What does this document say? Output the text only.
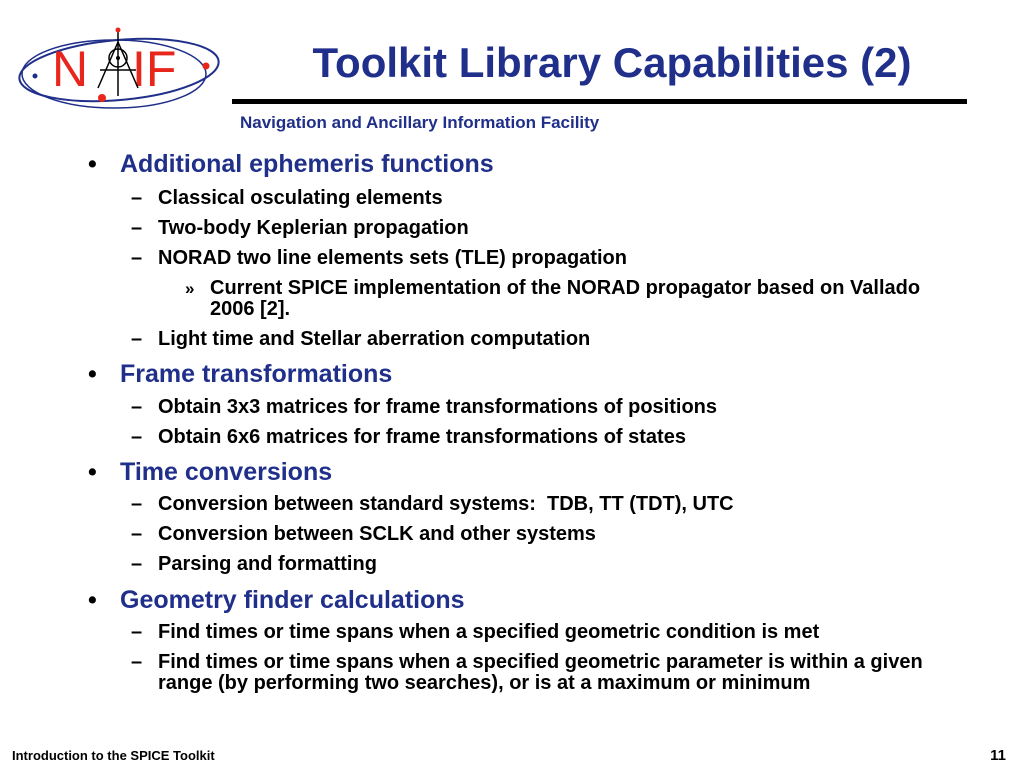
N IF	Toolkit Library Capabilities (2)
Navigation and Ancillary Information Facility
• Additional ephemeris functions
– Classical osculating elements
– Two-body Keplerian propagation
– NORAD two line elements sets (TLE) propagation
» Current SPICE implementation of the NORAD propagator based on Vallado 2006 [2].
– Light time and Stellar aberration computation
• Frame transformations
– Obtain 3x3 matrices for frame transformations of positions
– Obtain 6x6 matrices for frame transformations of states
• Time conversions
– Conversion between standard systems:  TDB, TT (TDT), UTC
– Conversion between SCLK and other systems
– Parsing and formatting
• Geometry finder calculations
– Find times or time spans when a specified geometric condition is met
– Find times or time spans when a specified geometric parameter is within a given range (by performing two searches), or is at a maximum or minimum
Introduction to the SPICE Toolkit	11
